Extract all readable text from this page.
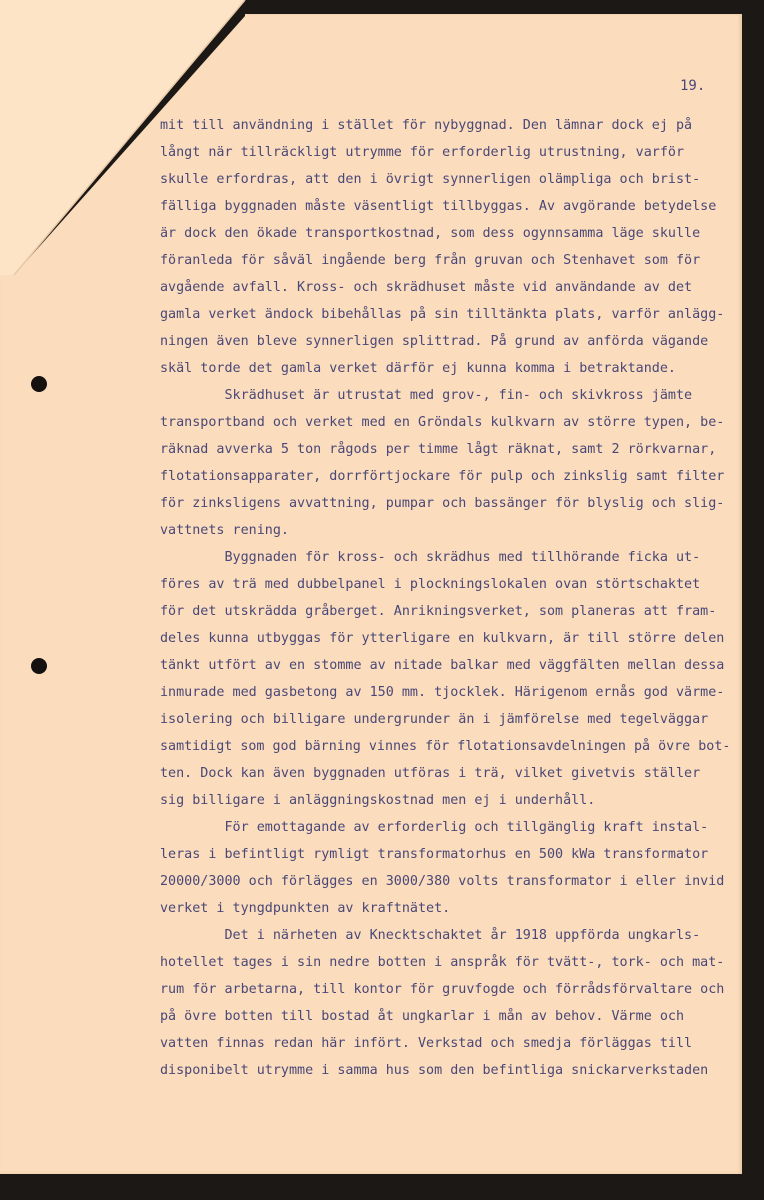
19.
mit till användning i stället för nybyggnad. Den lämnar dock ej på
långt när tillräckligt utrymme för erforderlig utrustning, varför
skulle erfordras, att den i övrigt synnerligen olämpliga och brist-
fälliga byggnaden måste väsentligt tillbyggas. Av avgörande betydelse
är dock den ökade transportkostnad, som dess ogynnsamma läge skulle
föranleda för såväl ingående berg från gruvan och Stenhavet som för
avgående avfall. Kross- och skrädhuset måste vid användande av det
gamla verket ändock bibehållas på sin tilltänkta plats, varför anlägg-
ningen även bleve synnerligen splittrad. På grund av anförda vägande
skäl torde det gamla verket därför ej kunna komma i betraktande.
Skrädhuset är utrustat med grov-, fin- och skivkross jämte
transportband och verket med en Gröndals kulkvarn av större typen, be-
räknad avverka 5 ton rågods per timme lågt räknat, samt 2 rörkvarnar,
flotationsapparater, dorrförtjockare för pulp och zinkslig samt filter
för zinksligens avvattning, pumpar och bassänger för blyslig och slig-
vattnets rening.
Byggnaden för kross- och skrädhus med tillhörande ficka ut-
föres av trä med dubbelpanel i plockningslokalen ovan störtschaktet
för det utskrädda gråberget. Anrikningsverket, som planeras att fram-
deles kunna utbyggas för ytterligare en kulkvarn, är till större delen
tänkt utfört av en stomme av nitade balkar med väggfälten mellan dessa
inmurade med gasbetong av 150 mm. tjocklek. Härigenom ernås god värme-
isolering och billigare undergrunder än i jämförelse med tegelväggar
samtidigt som god bärning vinnes för flotationsavdelningen på övre bot-
ten. Dock kan även byggnaden utföras i trä, vilket givetvis ställer
sig billigare i anläggningskostnad men ej i underhåll.
För emottagande av erforderlig och tillgänglig kraft instal-
leras i befintligt rymligt transformatorhus en 500 kWa transformator
20000/3000 och förlägges en 3000/380 volts transformator i eller invid
verket i tyngdpunkten av kraftnätet.
Det i närheten av Knecktschaktet år 1918 uppförda ungkarls-
hotellet tages i sin nedre botten i anspråk för tvätt-, tork- och mat-
rum för arbetarna, till kontor för gruvfogde och förrådsförvaltare och
på övre botten till bostad åt ungkarlar i mån av behov. Värme och
vatten finnas redan här infört. Verkstad och smedja förläggas till
disponibelt utrymme i samma hus som den befintliga snickarverkstaden
